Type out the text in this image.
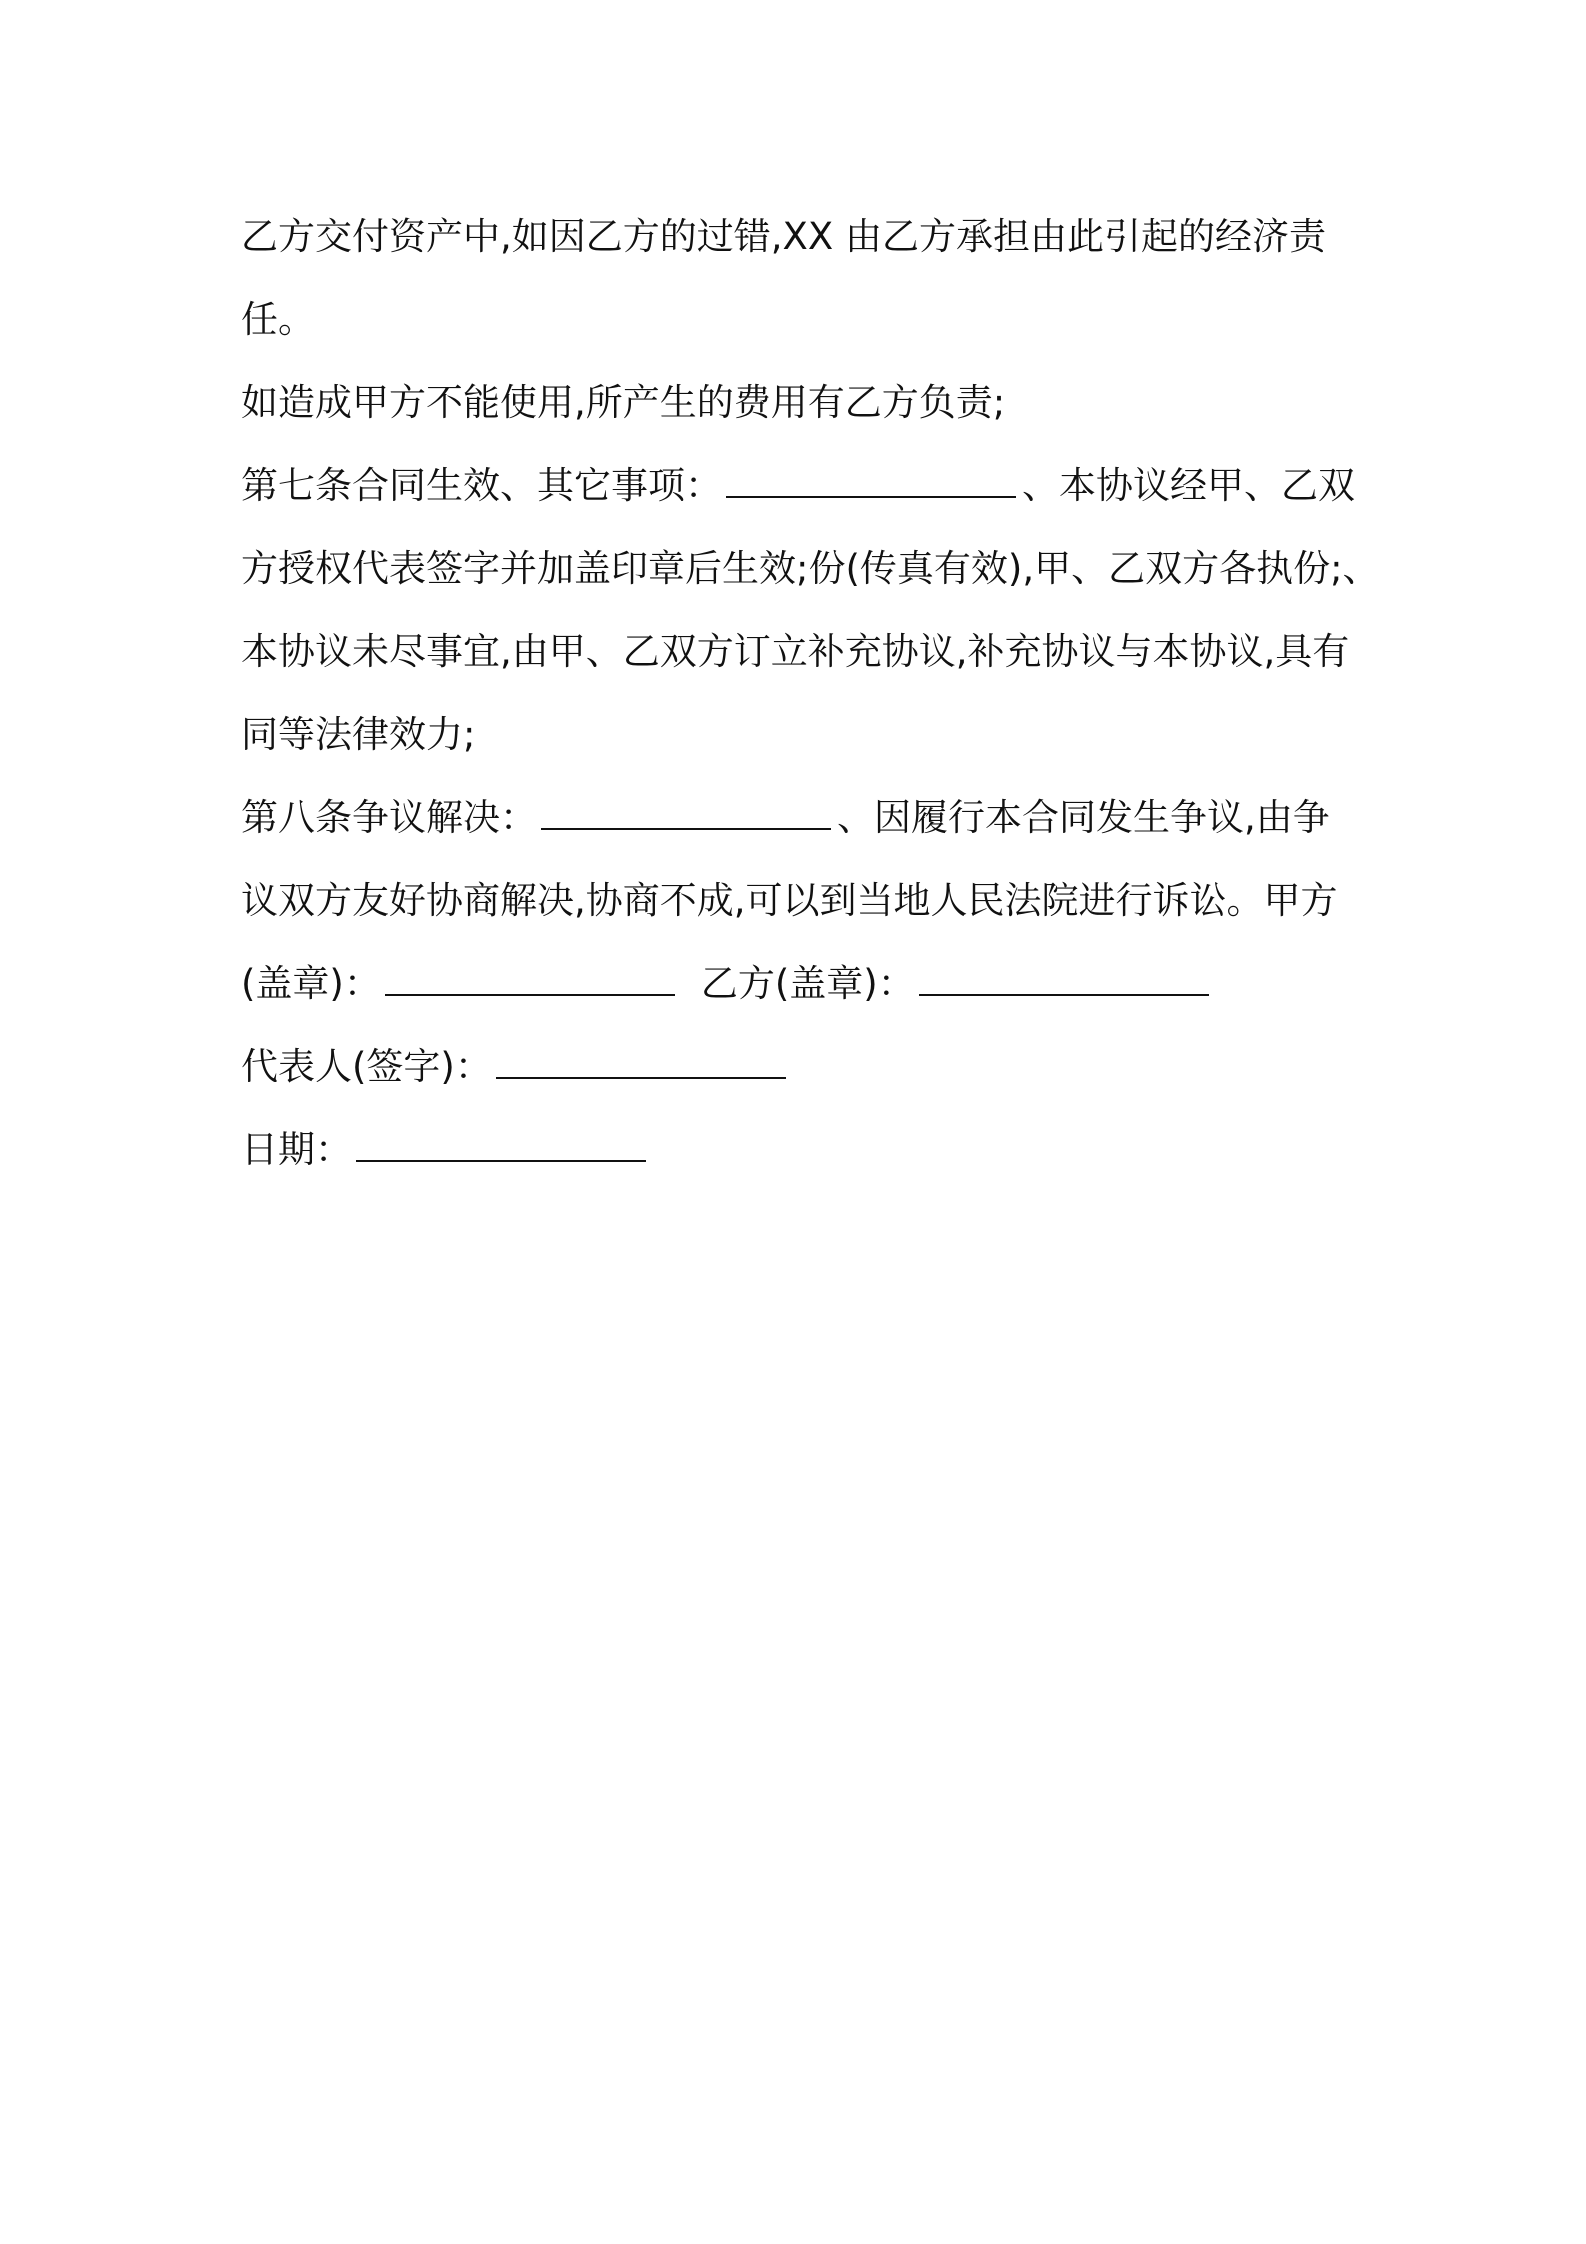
乙方交付资产中,如因乙方的过错,XX 由乙方承担由此引起的经济责
任。
如造成甲方不能使用,所产生的费用有乙方负责;
第七条合同生效、其它事项：	、本协议经甲、乙双
方授权代表签字并加盖印章后生效;份(传真有效),甲、乙双方各执份;、
本协议未尽事宜,由甲、乙双方订立补充协议,补充协议与本协议,具有
同等法律效力;
第八条争议解决：	、因履行本合同发生争议,由争
议双方友好协商解决,协商不成,可以到当地人民法院进行诉讼。甲方
(盖章)：	乙方(盖章)：
代表人(签字)：
日期：
